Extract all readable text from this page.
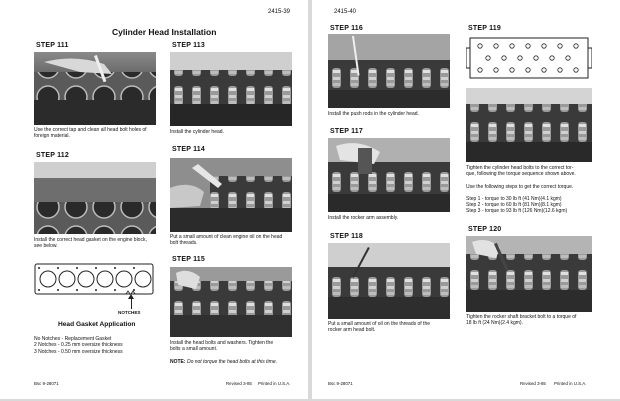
2415-39
Cylinder Head Installation
STEP 111
Use the correct tap and clean all head bolt holes of
foreign material.
STEP 112
Install the correct head gasket on the engine block,
see below.
NOTCHES
Head Gasket Application
No Notches - Replacement Gasket
2 Notches - 0.25 mm oversize thickness
3 Notches - 0.50 mm oversize thickness
STEP 113
Install the cylinder head.
STEP 114
Put a small amount of clean engine oil on the head
bolt threads.
STEP 115
Install the head bolts and washers. Tighten the
bolts a small amount.
NOTE: Do not torque the head bolts at this time.
Bsc 9-28071	Revised 3-85 Printed in U.S.A.
2415-40
STEP 116
Install the push rods in the cylinder head.
STEP 117
Install the rocker arm assembly.
STEP 118
Put a small amount of oil on the threads of the
rocker arm head bolt.
STEP 119
Tighten the cylinder head bolts to the correct tor-
que, following the torque sequence shown above.
Use the following steps to get the correct torque.
Step 1 - torque to 30 lb ft (41 Nm)(4.1 kgm)
Step 2 - torque to 60 lb ft (81 Nm)(8.1 kgm)
Step 3 - torque to 93 lb ft (126 Nm)(12.6 kgm)
STEP 120
Tighten the rocker shaft bracket bolt to a torque of
18 lb ft (24 Nm)(2.4 kgm).
Bsc 9-28071	Revised 3-85 Printed in U.S.A.
